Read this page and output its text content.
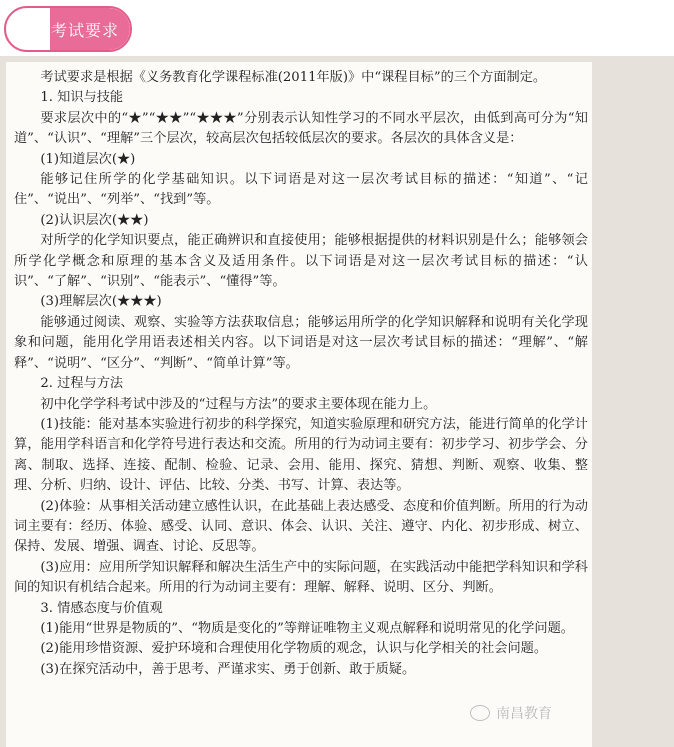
考试要求

考试要求是根据《义务教育化学课程标准(2011年版)》中“课程目标”的三个方面制定。

1. 知识与技能

要求层次中的“★”“★★”“★★★”分别表示认知性学习的不同水平层次，由低到高可分为“知道”、“认识”、“理解”三个层次，较高层次包括较低层次的要求。各层次的具体含义是：

(1)知道层次(★)

能够记住所学的化学基础知识。以下词语是对这一层次考试目标的描述：“知道”、“记住”、“说出”、“列举”、“找到”等。

(2)认识层次(★★)

对所学的化学知识要点，能正确辨识和直接使用；能够根据提供的材料识别是什么；能够领会所学化学概念和原理的基本含义及适用条件。以下词语是对这一层次考试目标的描述：“认识”、“了解”、“识别”、“能表示”、“懂得”等。

(3)理解层次(★★★)

能够通过阅读、观察、实验等方法获取信息；能够运用所学的化学知识解释和说明有关化学现象和问题，能用化学用语表述相关内容。以下词语是对这一层次考试目标的描述：“理解”、“解释”、“说明”、“区分”、“判断”、“简单计算”等。

2. 过程与方法

初中化学学科考试中涉及的“过程与方法”的要求主要体现在能力上。

(1)技能：能对基本实验进行初步的科学探究，知道实验原理和研究方法，能进行简单的化学计算，能用学科语言和化学符号进行表达和交流。所用的行为动词主要有：初步学习、初步学会、分离、制取、选择、连接、配制、检验、记录、会用、能用、探究、猜想、判断、观察、收集、整理、分析、归纳、设计、评估、比较、分类、书写、计算、表达等。

(2)体验：从事相关活动建立感性认识，在此基础上表达感受、态度和价值判断。所用的行为动词主要有：经历、体验、感受、认同、意识、体会、认识、关注、遵守、内化、初步形成、树立、保持、发展、增强、调查、讨论、反思等。

(3)应用：应用所学知识解释和解决生活生产中的实际问题，在实践活动中能把学科知识和学科间的知识有机结合起来。所用的行为动词主要有：理解、解释、说明、区分、判断。

3. 情感态度与价值观

(1)能用“世界是物质的”、“物质是变化的”等辩证唯物主义观点解释和说明常见的化学问题。

(2)能用珍惜资源、爱护环境和合理使用化学物质的观念，认识与化学相关的社会问题。

(3)在探究活动中，善于思考、严谨求实、勇于创新、敢于质疑。

南昌教育
